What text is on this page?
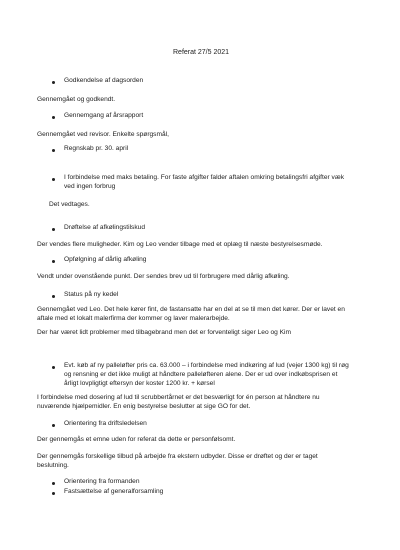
Referat 27/5 2021
Godkendelse af dagsorden
Gennemgået og godkendt.
Gennemgang af årsrapport
Gennemgået ved revisor. Enkelte spørgsmål,
Regnskab pr. 30. april
I forbindelse med maks betaling. For faste afgifter falder aftalen omkring betalingsfri afgifter væk
ved ingen forbrug
Det vedtages.
Drøftelse af afkølingstilskud
Der vendes flere muligheder. Kim og Leo vender tilbage med et oplæg til næste bestyrelsesmøde.
Opfølgning af dårlig afkøling
Vendt under ovenstående punkt. Der sendes brev ud til forbrugere med dårlig afkøling.
Status på ny kedel
Gennemgået ved Leo. Det hele kører fint, de fastansatte har en del at se til men det kører. Der er lavet en
aftale med et lokalt malerfirma der kommer og laver malerarbejde.
Der har været lidt problemer med tilbagebrand men det er forventeligt siger Leo og Kim
Evt. køb af ny palleløfter pris ca. 63.000 – i forbindelse med indkøring af lud (vejer 1300 kg) til røg
og rensning er det ikke muligt at håndtere palleløfteren alene. Der er ud over indkøbsprisen et
årligt lovpligtigt eftersyn der koster 1200 kr. + kørsel
I forbindelse med dosering af lud til scrubbertårnet er det besværligt for én person at håndtere nu
nuværende hjælpemidler. En enig bestyrelse beslutter at sige GO for det.
Orientering fra driftsledelsen
Der gennemgås et emne uden for referat da dette er personfølsomt.
Der gennemgås forskellige tilbud på arbejde fra ekstern udbyder. Disse er drøftet og der er taget
beslutning.
Orientering fra formanden
Fastsættelse af generalforsamling
